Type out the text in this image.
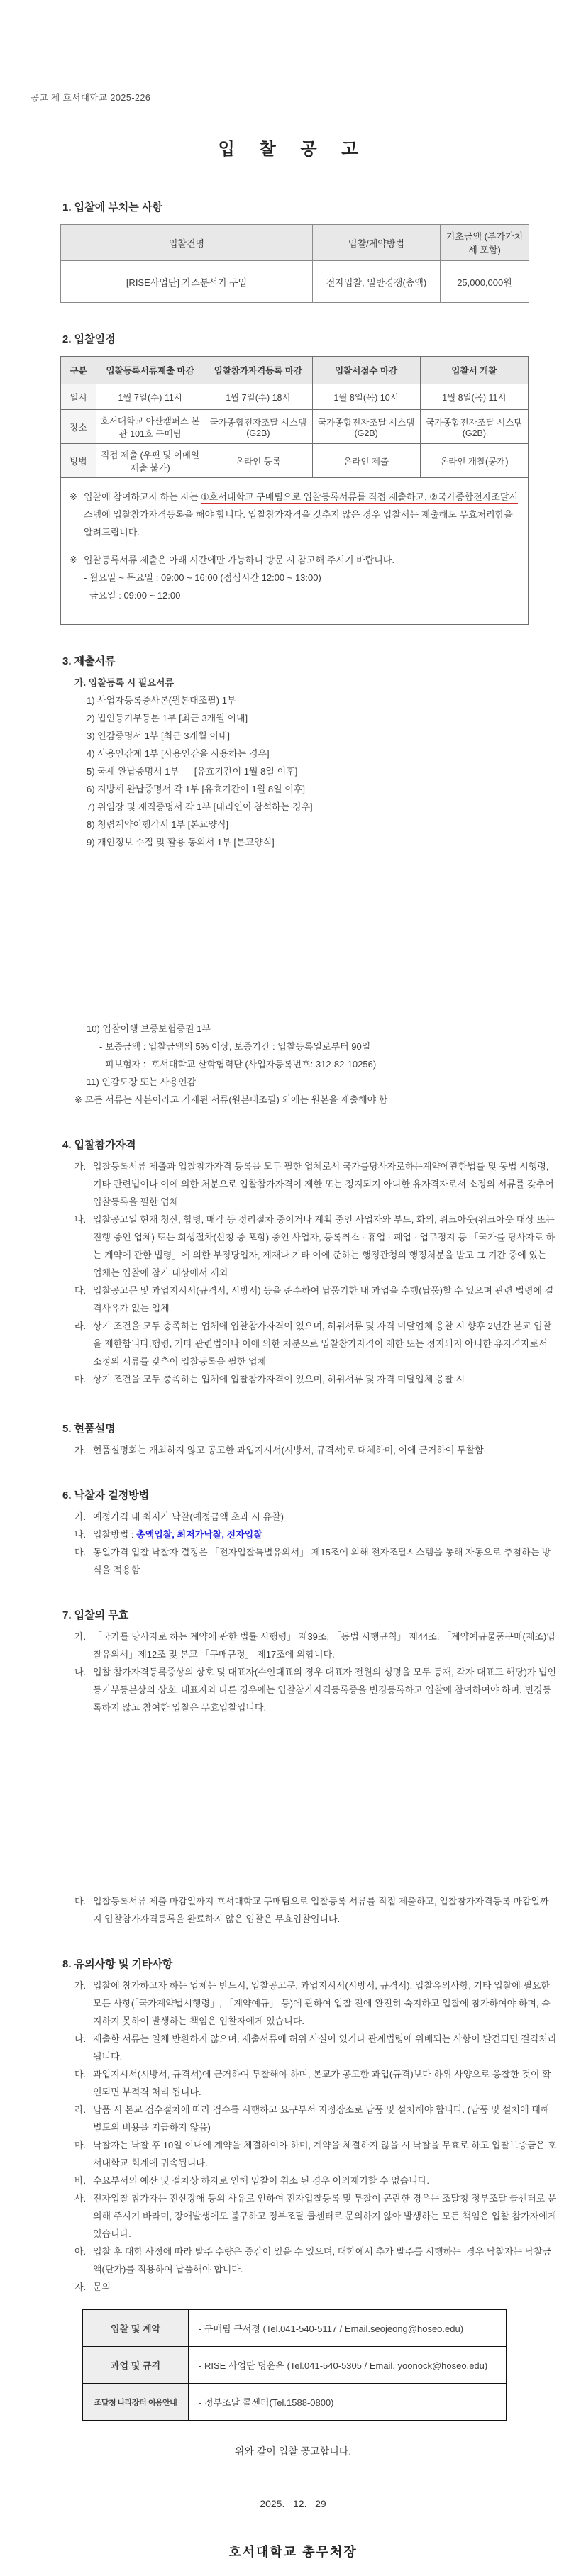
공고 제 호서대학교 2025-226
입 찰 공 고
1. 입찰에 부치는 사항
입찰건명	입찰/계약방법	기초금액 (부가가치세 포함)
[RISE사업단] 가스분석기 구입	전자입찰, 일반경쟁(총액)	25,000,000원
2. 입찰일정
구분	입찰등록서류제출 마감	입찰참가자격등록 마감	입찰서접수 마감	입찰서 개찰
일시	1월 7일(수) 11시	1월 7일(수) 18시	1월 8일(목) 10시	1월 8일(목) 11시
장소	호서대학교 아산캠퍼스 본관 101호 구매팀	국가종합전자조달 시스템(G2B)	국가종합전자조달 시스템(G2B)	국가종합전자조달 시스템(G2B)
방법	직접 제출 (우편 및 이메일 제출 불가)	온라인 등록	온라인 제출	온라인 개찰(공개)

※ 입찰에 참여하고자 하는 자는 ①호서대학교 구매팀으로 입찰등록서류를 직접 제출하고, ②국가종합전자조달시스템에 입찰참가자격등록을 해야 합니다. 입찰참가자격을 갖추지 않은 경우 입찰서는 제출해도 무효처리함을 알려드립니다.
※ 입찰등록서류 제출은 아래 시간에만 가능하니 방문 시 참고해 주시기 바랍니다.
- 월요일 ~ 목요일 : 09:00 ~ 16:00 (점심시간 12:00 ~ 13:00)
- 금요일 : 09:00 ~ 12:00
3. 제출서류
가. 입찰등록 시 필요서류
1) 사업자등록증사본(원본대조필) 1부
2) 법인등기부등본 1부 [최근 3개월 이내]
3) 인감증명서 1부 [최근 3개월 이내]
4) 사용인감계 1부 [사용인감을 사용하는 경우]
5) 국세 완납증명서 1부      [유효기간이 1월 8일 이후]
6) 지방세 완납증명서 각 1부 [유효기간이 1월 8일 이후]
7) 위임장 및 재직증명서 각 1부 [대리인이 참석하는 경우]
8) 청렴계약이행각서 1부 [본교양식]
9) 개인정보 수집 및 활용 동의서 1부 [본교양식]
10) 입찰이행 보증보험증권 1부
- 보증금액 : 입찰금액의 5% 이상, 보증기간 : 입찰등록일로부터 90일
- 피보험자 :  호서대학교 산학협력단 (사업자등록번호: 312-82-10256)
11) 인감도장 또는 사용인감
※ 모든 서류는 사본이라고 기재된 서류(원본대조필) 외에는 원본을 제출해야 함
4. 입찰참가자격
가. 입찰등록서류 제출과 입찰참가자격 등록을 모두 필한 업체로서 국가를당사자로하는계약에관한법률 및 동법 시행령, 기타 관련법이나 이에 의한 처분으로 입찰참가자격이 제한 또는 정지되지 아니한 유자격자로서 소정의 서류를 갖추어 입찰등록을 필한 업체
나. 입찰공고일 현재 청산, 합병, 매각 등 정리절차 중이거나 계획 중인 사업자와 부도, 화의, 워크아웃(워크아웃 대상 또는 진행 중인 업체) 또는 회생절차(신청 중 포함) 중인 사업자, 등록취소 · 휴업 · 폐업 · 업무정지 등 「국가를 당사자로 하는 계약에 관한 법령」에 의한 부정당업자, 제재나 기타 이에 준하는 행정관청의 행정처분을 받고 그 기간 중에 있는 업체는 입찰에 참가 대상에서 제외
다. 입찰공고문 및 과업지시서(규격서, 시방서) 등을 준수하여 납품기한 내 과업을 수행(납품)할 수 있으며 관련 법령에 결격사유가 없는 업체
라. 상기 조건을 모두 충족하는 업체에 입찰참가자격이 있으며, 허위서류 및 자격 미달업체 응찰 시 향후 2년간 본교 입찰을 제한합니다.행령, 기타 관련법이나 이에 의한 처분으로 입찰참가자격이 제한 또는 정지되지 아니한 유자격자로서 소정의 서류를 갖추어 입찰등록을 필한 업체
마. 상기 조건을 모두 충족하는 업체에 입찰참가자격이 있으며, 허위서류 및 자격 미달업체 응찰 시
5. 현품설명
가. 현품설명회는 개최하지 않고 공고한 과업지시서(시방서, 규격서)로 대체하며, 이에 근거하여 투찰함
6. 낙찰자 결정방법
가. 예정가격 내 최저가 낙찰(예정금액 초과 시 유찰)
나. 입찰방법 : 총액입찰, 최저가낙찰, 전자입찰
다. 동일가격 입찰 낙찰자 결정은 「전자입찰특별유의서」 제15조에 의해 전자조달시스템을 통해 자동으로 추첨하는 방식을 적용함
7. 입찰의 무효
가. 「국가를 당사자로 하는 계약에 관한 법률 시행령」 제39조, 「동법 시행규칙」 제44조, 「계약예규물품구매(제조)입찰유의서」제12조 및 본교 「구매규정」 제17조에 의합니다.
나. 입찰 참가자격등록증상의 상호 및 대표자(수인대표의 경우 대표자 전원의 성명을 모두 등재, 각자 대표도 해당)가 법인등기부등본상의 상호, 대표자와 다른 경우에는 입찰참가자격등록증을 변경등록하고 입찰에 참여하여야 하며, 변경등록하지 않고 참여한 입찰은 무효입찰입니다.
다. 입찰등록서류 제출 마감일까지 호서대학교 구매팀으로 입찰등록 서류를 직접 제출하고, 입찰참가자격등록 마감일까지 입찰참가자격등록을 완료하지 않은 입찰은 무효입찰입니다.
8. 유의사항 및 기타사항
가. 입찰에 참가하고자 하는 업체는 반드시, 입찰공고문, 과업지시서(시방서, 규격서), 입찰유의사항, 기타 입찰에 필요한 모든 사항(「국가계약법시행령」, 「계약예규」 등)에 관하여 입찰 전에 완전히 숙지하고 입찰에 참가하여야 하며, 숙지하지 못하여 발생하는 책임은 입찰자에게 있습니다.
나. 제출한 서류는 일체 반환하지 않으며, 제출서류에 허위 사실이 있거나 관계법령에 위배되는 사항이 발견되면 결격처리 됩니다.
다. 과업지시서(시방서, 규격서)에 근거하여 투찰해야 하며, 본교가 공고한 과업(규격)보다 하위 사양으로 응찰한 것이 확인되면 부적격 처리 됩니다.
라. 납품 시 본교 검수절차에 따라 검수를 시행하고 요구부서 지정장소로 납품 및 설치해야 합니다. (납품 및 설치에 대해 별도의 비용을 지급하지 않음)
마. 낙찰자는 낙찰 후 10일 이내에 계약을 체결하여야 하며, 계약을 체결하지 않을 시 낙찰을 무효로 하고 입찰보증금은 호서대학교 회계에 귀속됩니다.
바. 수요부서의 예산 및 절차상 하자로 인해 입찰이 취소 된 경우 이의제기할 수 없습니다.
사. 전자입찰 참가자는 전산장애 등의 사유로 인하여 전자입찰등록 및 투찰이 곤란한 경우는 조달청 정부조달 콜센터로 문의해 주시기 바라며, 장애발생에도 불구하고 정부조달 콜센터로 문의하지 않아 발생하는 모든 책임은 입찰 참가자에게 있습니다.
아. 입찰 후 대학 사정에 따라 발주 수량은 증감이 있을 수 있으며, 대학에서 추가 발주를 시행하는  경우 낙찰자는 낙찰금액(단가)를 적용하여 납품해야 합니다.
자. 문의
입찰 및 계약	- 구매팀 구서정 (Tel.041-540-5117 / Email.seojeong@hoseo.edu)
과업 및 규격	- RISE 사업단 명윤옥 (Tel.041-540-5305 / Email. yoonock@hoseo.edu)
조달청 나라장터 이용안내	- 정부조달 콜센터(Tel.1588-0800)
위와 같이 입찰 공고합니다.
2025.   12.   29
호서대학교 총무처장
